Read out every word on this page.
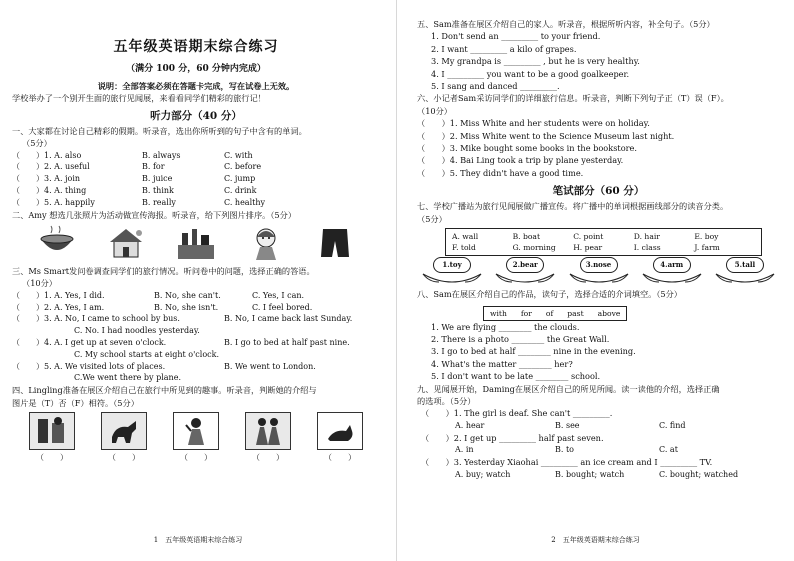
五年级英语期末综合练习
（满分 100 分，60 分钟内完成）
说明：全部答案必须在答题卡完成，写在试卷上无效。
学校举办了一个别开生面的旅行见闻展，来看看同学们精彩的旅行记！
听力部分（40 分）
一、大家都在讨论自己精彩的假期。听录音，选出你所听到的句子中含有的单词。
（5分）
（　　）1. A. also	B. always	C. with
（　　）2. A. useful	B. for	C. before
（　　）3. A. join	B. juice	C. jump
（　　）4. A. thing	B. think	C. drink
（　　）5. A. happily	B. really	C. healthy
二、Amy 想选几张照片为活动做宣传海报。听录音，给下列图片排序。（5分）
三、Ms Smart发问卷调查同学们的旅行情况。听问卷中的问题，选择正确的答语。
（10分）
（　　）1. A. Yes, I did.	B. No, she can't.	C. Yes, I can.
（　　）2. A. Yes, I am.	B. No, she isn't.	C. I feel bored.
（　　）3. A. No, I came to school by bus.	B. No, I came back last Sunday.
C. No. I had noodles yesterday.
（　　）4. A. I get up at seven o'clock.	B. I go to bed at half past nine.
C. My school starts at eight o'clock.
（　　）5. A. We visited lots of places.	B. We went to London.
C.We went there by plane.
四、Lingling准备在展区介绍自己在旅行中所见到的趣事。听录音，判断她的介绍与
图片是（T）否（F）相符。（5分）
（　　）	（　　）	（　　）	（　　）	（　　）
1　五年级英语期末综合练习
五、Sam准备在展区介绍自己的家人。听录音，根据所听内容，补全句子。（5分）
1. Don't send an _________ to your friend.
2. I want _________ a kilo of grapes.
3. My grandpa is _________ , but he is very healthy.
4. I _________ you want to be a good goalkeeper.
5. I sang and danced _________.
六、小记者Sam采访同学们的详细旅行信息。听录音，判断下列句子正（T）误（F）。
（10分）
（　　）1. Miss White and her students were on holiday.
（　　）2. Miss White went to the Science Museum last night.
（　　）3. Mike bought some books in the bookstore.
（　　）4. Bai Ling took a trip by plane yesterday.
（　　）5. They didn't have a good time.
笔试部分（60 分）
七、学校广播站为旅行见闻展做广播宣传。将广播中的单词根据画线部分的读音分类。
（5分）
A. wall	B. boat	C. point	D. hair	E. boy
F. told	G. morning	H. pear	I. class	J. farm
1.toy	2.bear	3.nose	4.arm	5.tall
八、Sam在展区介绍自己的作品，读句子，选择合适的介词填空。（5分）
with for of past above
1. We are flying ________ the clouds.
2. There is a photo ________ the Great Wall.
3. I go to bed at half ________ nine in the evening.
4. What's the matter ________ her?
5. I don't want to be late ________ school.
九、见闻展开始，Daming在展区介绍自己的所见所闻。读一读他的介绍，选择正确
的选项。（5分）
（　　）1. The girl is deaf. She can't _________.
A. hear	B. see	C. find
（　　）2. I get up _________ half past seven.
A. in	B. to	C. at
（　　）3. Yesterday Xiaohai _________ an ice cream and I _________ TV.
A. buy; watch	B. bought; watch	C. bought; watched
2　五年级英语期末综合练习
